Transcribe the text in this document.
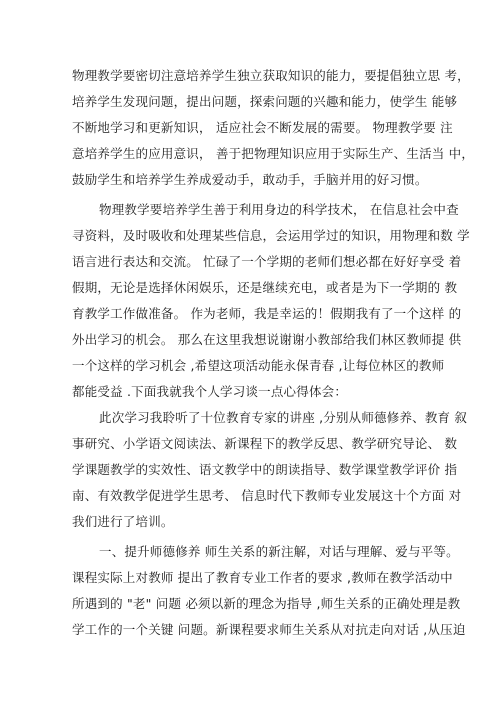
物理教学要密切注意培养学生独立获取知识的能力，要提倡独立思 考，
培养学生发现问题，提出问题，探索问题的兴趣和能力，使学生 能够
不断地学习和更新知识， 适应社会不断发展的需要。 物理教学要 注
意培养学生的应用意识， 善于把物理知识应用于实际生产、生活当 中，
鼓励学生和培养学生养成爱动手，敢动手，手脑并用的好习惯。
物理教学要培养学生善于利用身边的科学技术， 在信息社会中查
寻资料，及时吸收和处理某些信息，会运用学过的知识，用物理和数 学
语言进行表达和交流。 忙碌了一个学期的老师们想必都在好好享受 着
假期，无论是选择休闲娱乐，还是继续充电，或者是为下一学期的 教
育教学工作做准备。 作为老师，我是幸运的！假期我有了一个这样 的
外出学习的机会。 那么在这里我想说谢谢小教部给我们林区教师提 供
一个这样的学习机会 ,希望这项活动能永保青春 ,让每位林区的教师
都能受益 .下面我就我个人学习谈一点心得体会：
此次学习我聆听了十位教育专家的讲座 ,分别从师德修养、教育 叙
事研究、小学语文阅读法、新课程下的教学反思、教学研究导论、 数
学课题教学的实效性、语文教学中的朗读指导、数学课堂教学评价 指
南、有效教学促进学生思考、 信息时代下教师专业发展这十个方面 对
我们进行了培训。
一、提升师德修养 师生关系的新注解，对话与理解、爱与平等。
课程实际上对教师 提出了教育专业工作者的要求 ,教师在教学活动中
所遇到的 "老" 问题 必须以新的理念为指导 ,师生关系的正确处理是教
学工作的一个关键 问题。新课程要求师生关系从对抗走向对话 ,从压迫
